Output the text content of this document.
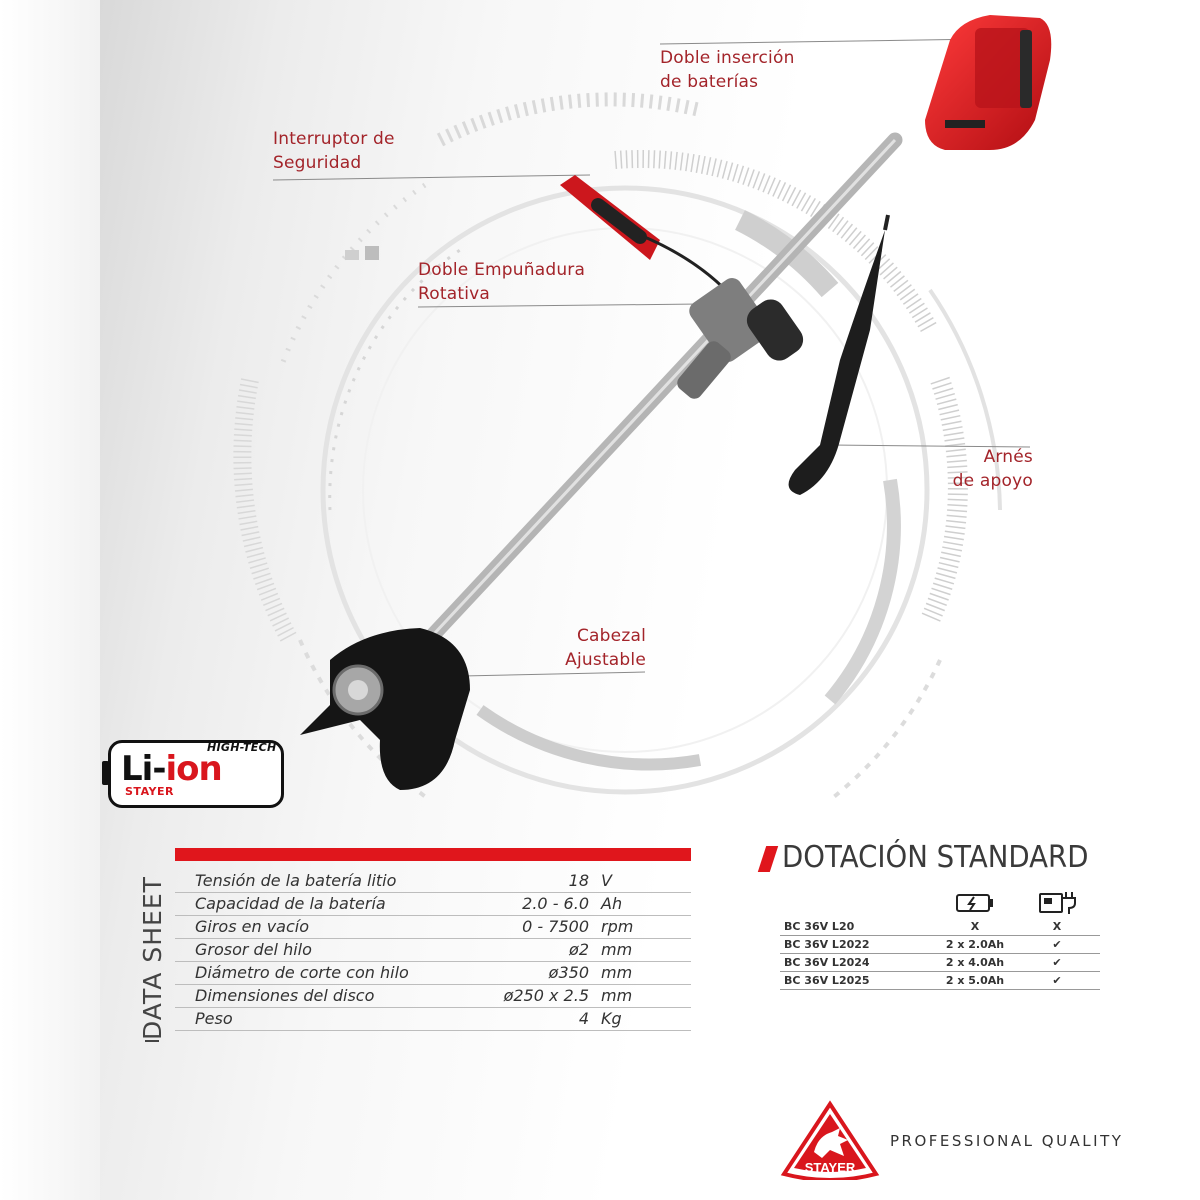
Doble inserción
de baterías
Interruptor de
Seguridad
Doble Empuñadura
Rotativa
Arnés
de apoyo
Cabezal
Ajustable
Li-ion
HIGH-TECH
STAYER
DATA SHEET Tensión de la batería litio	18 V
Capacidad de la batería	2.0 - 6.0 Ah
Giros en vacío	0 - 7500 rpm
Grosor del hilo	ø2 mm
Diámetro de corte con hilo	ø350 mm
Dimensiones del disco	ø250 x 2.5 mm
Peso	4 Kg
DOTACIÓN STANDARD
BC 36V L20	X	X
BC 36V L2022	2 x 2.0Ah	✔
BC 36V L2024	2 x 4.0Ah	✔
BC 36V L2025	2 x 5.0Ah	✔
STAYER
PROFESSIONAL QUALITY
